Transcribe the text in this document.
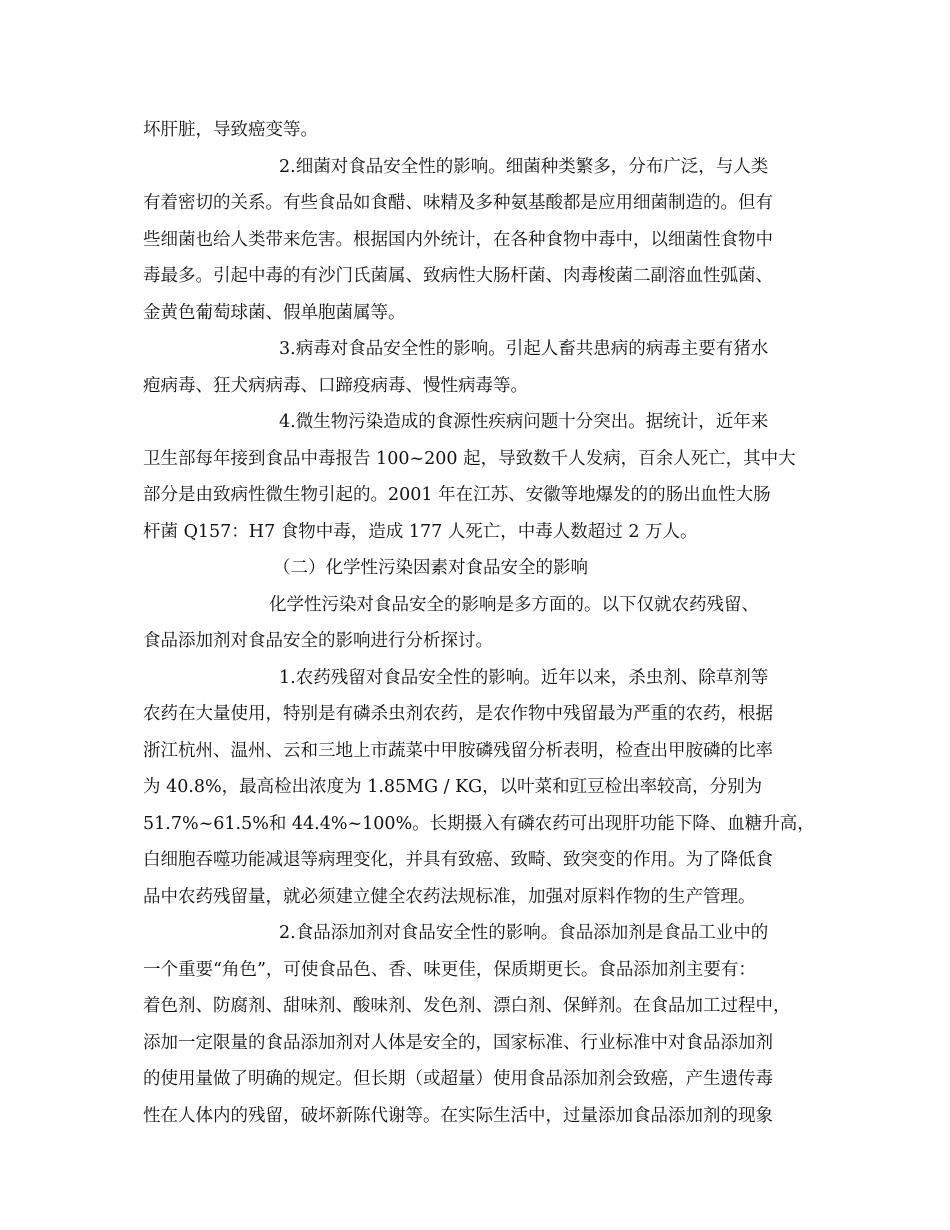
坏肝脏，导致癌变等。
2.细菌对食品安全性的影响。细菌种类繁多，分布广泛，与人类
有着密切的关系。有些食品如食醋、味精及多种氨基酸都是应用细菌制造的。但有
些细菌也给人类带来危害。根据国内外统计，在各种食物中毒中，以细菌性食物中
毒最多。引起中毒的有沙门氏菌属、致病性大肠杆菌、肉毒梭菌二副溶血性弧菌、
金黄色葡萄球菌、假单胞菌属等。
3.病毒对食品安全性的影响。引起人畜共患病的病毒主要有猪水
疱病毒、狂犬病病毒、口蹄疫病毒、慢性病毒等。
4.微生物污染造成的食源性疾病问题十分突出。据统计，近年来
卫生部每年接到食品中毒报告 100~200 起，导致数千人发病，百余人死亡，其中大
部分是由致病性微生物引起的。2001 年在江苏、安徽等地爆发的的肠出血性大肠
杆菌 Q157：H7 食物中毒，造成 177 人死亡，中毒人数超过 2 万人。
（二）化学性污染因素对食品安全的影响
化学性污染对食品安全的影响是多方面的。以下仅就农药残留、
食品添加剂对食品安全的影响进行分析探讨。
1.农药残留对食品安全性的影响。近年以来，杀虫剂、除草剂等
农药在大量使用，特别是有磷杀虫剂农药，是农作物中残留最为严重的农药，根据
浙江杭州、温州、云和三地上市蔬菜中甲胺磷残留分析表明，检查出甲胺磷的比率
为 40.8%，最高检出浓度为 1.85MG / KG，以叶菜和豇豆检出率较高，分别为
51.7%~61.5%和 44.4%~100%。长期摄入有磷农药可出现肝功能下降、血糖升高，
白细胞吞噬功能减退等病理变化，并具有致癌、致畸、致突变的作用。为了降低食
品中农药残留量，就必须建立健全农药法规标准，加强对原料作物的生产管理。
2.食品添加剂对食品安全性的影响。食品添加剂是食品工业中的
一个重要“角色”，可使食品色、香、味更佳，保质期更长。食品添加剂主要有：
着色剂、防腐剂、甜味剂、酸味剂、发色剂、漂白剂、保鲜剂。在食品加工过程中，
添加一定限量的食品添加剂对人体是安全的，国家标准、行业标准中对食品添加剂
的使用量做了明确的规定。但长期（或超量）使用食品添加剂会致癌，产生遗传毒
性在人体内的残留，破坏新陈代谢等。在实际生活中，过量添加食品添加剂的现象
